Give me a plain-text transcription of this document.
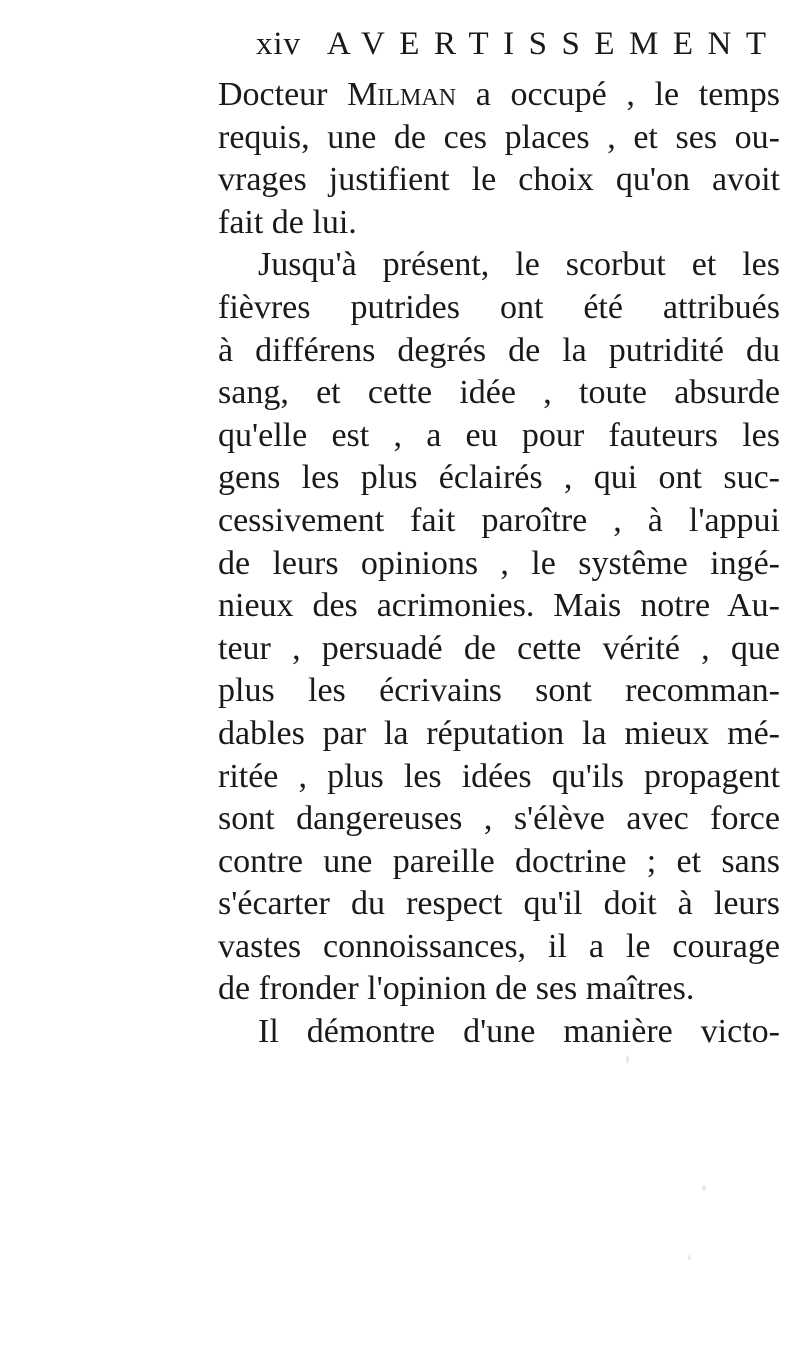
xiv AVERTISSEMENT
Docteur Milman a occupé , le temps
requis, une de ces places , et ses ou-
vrages justifient le choix qu'on avoit
fait de lui.
Jusqu'à présent, le scorbut et les
fièvres putrides ont été attribués
à différens degrés de la putridité du
sang, et cette idée , toute absurde
qu'elle est , a eu pour fauteurs les
gens les plus éclairés , qui ont suc-
cessivement fait paroître , à l'appui
de leurs opinions , le systême ingé-
nieux des acrimonies. Mais notre Au-
teur , persuadé de cette vérité , que
plus les écrivains sont recomman-
dables par la réputation la mieux mé-
ritée , plus les idées qu'ils propagent
sont dangereuses , s'élève avec force
contre une pareille doctrine ; et sans
s'écarter du respect qu'il doit à leurs
vastes connoissances, il a le courage
de fronder l'opinion de ses maîtres.
Il démontre d'une manière victo-
